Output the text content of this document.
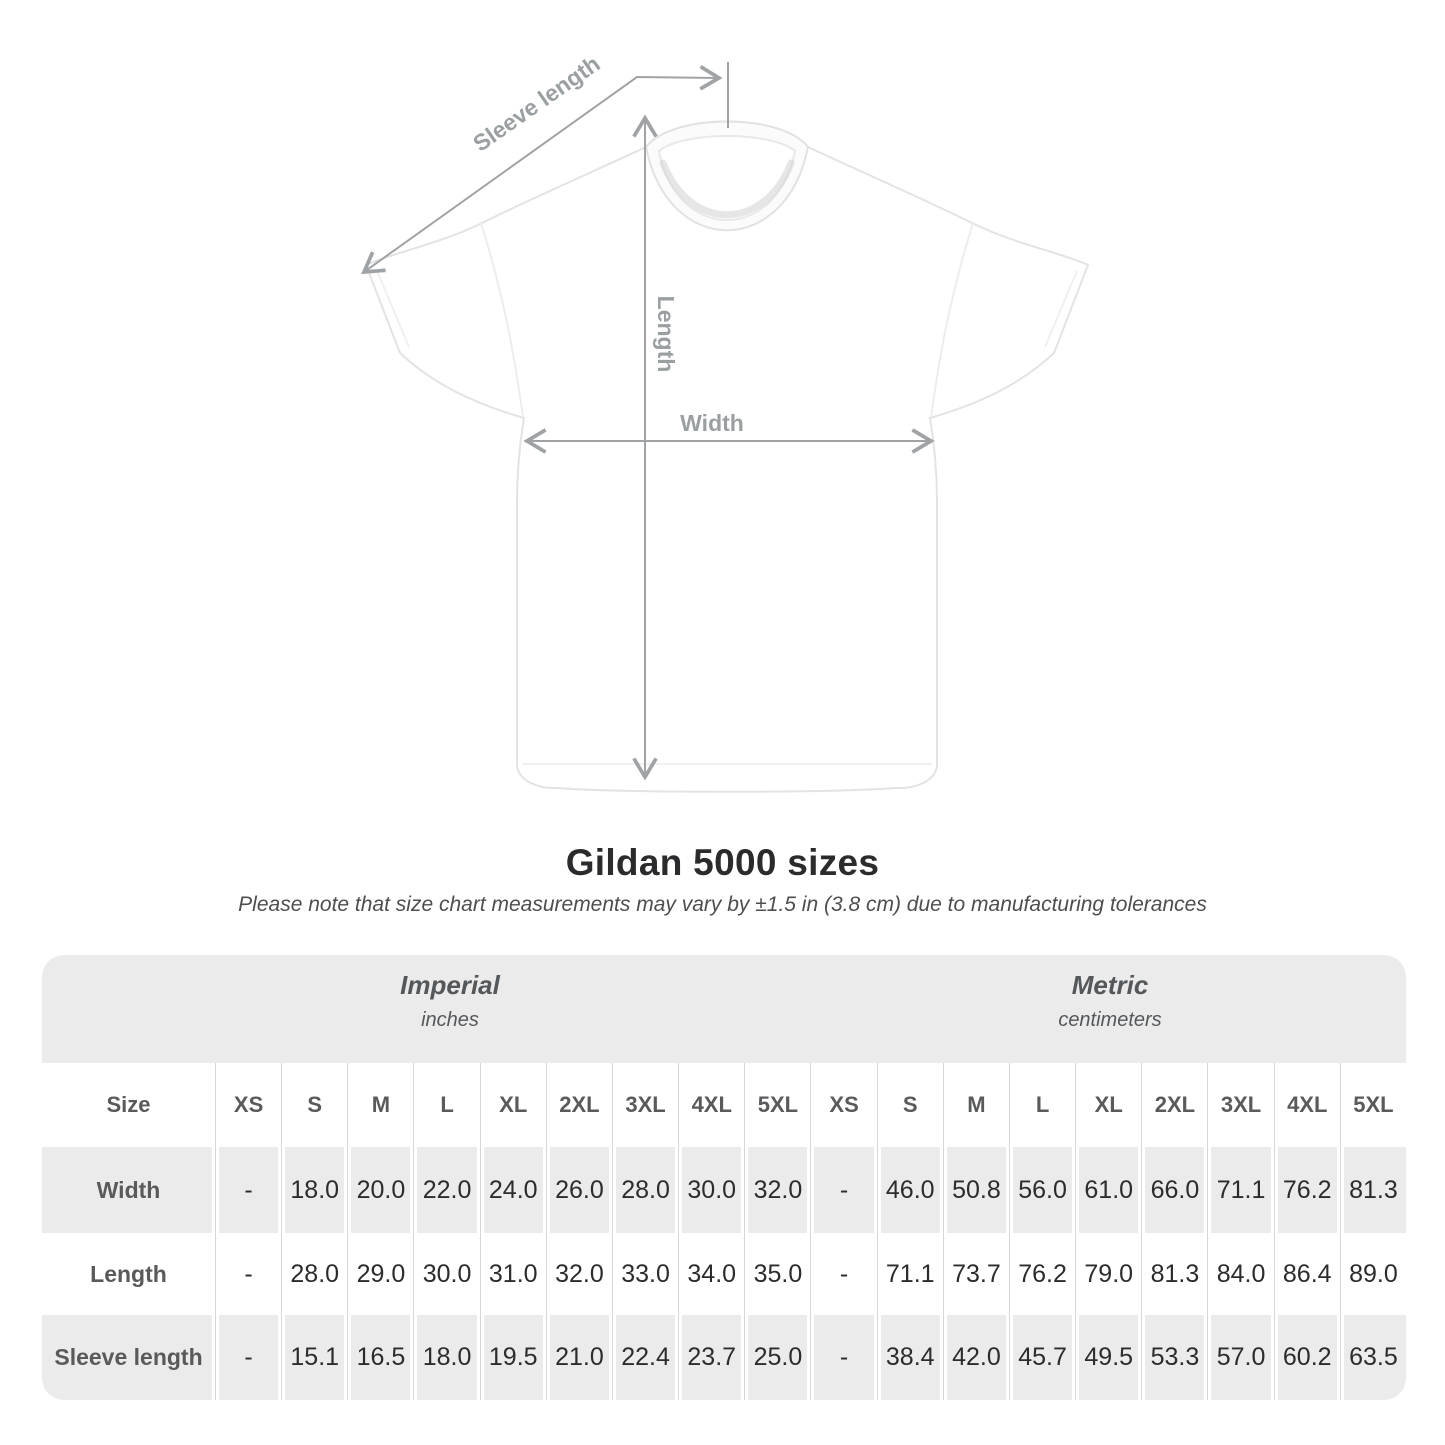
Sleeve length
Length
Width
Gildan 5000 sizes

Please note that size chart measurements may vary by ±1.5 in (3.8 cm) due to manufacturing tolerances

Imperial
inches
Metric
centimeters
Size	XS	S	M	L	XL	2XL	3XL	4XL	5XL	XS	S	M	L	XL	2XL	3XL	4XL	5XL
Width	-	18.0 20.0 22.0 24.0 26.0 28.0 30.0 32.0	-	46.0 50.8 56.0 61.0 66.0 71.1 76.2 81.3
Length	-	28.0 29.0 30.0 31.0 32.0 33.0 34.0 35.0	-	71.1 73.7 76.2 79.0 81.3 84.0 86.4 89.0
Sleeve length	-	15.1 16.5 18.0 19.5 21.0 22.4 23.7 25.0	-	38.4 42.0 45.7 49.5 53.3 57.0 60.2 63.5
